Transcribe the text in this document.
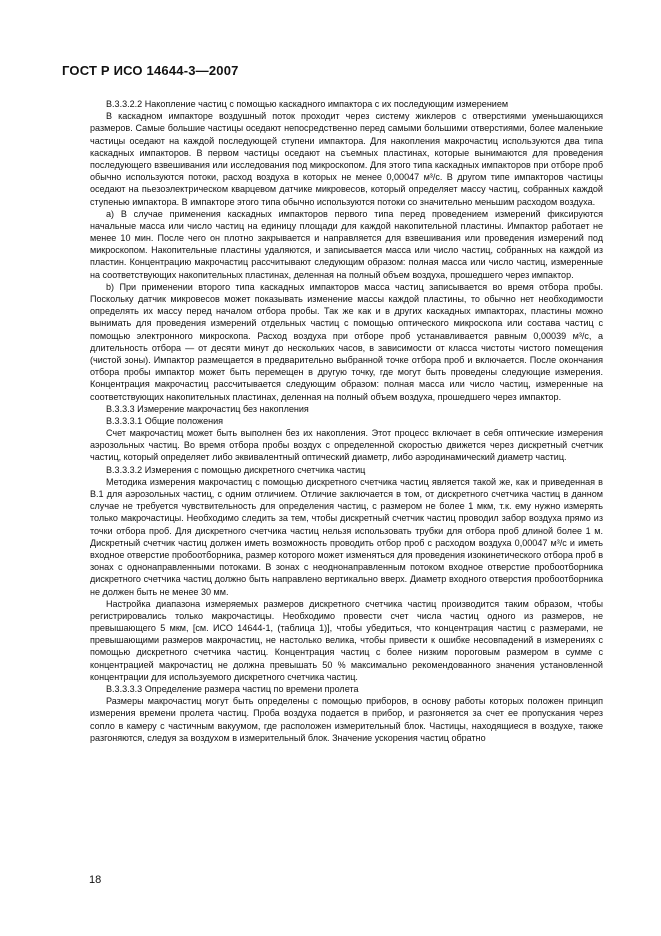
ГОСТ Р ИСО 14644-3—2007

В.3.3.2.2 Накопление частиц с помощью каскадного импактора с их последующим измерением

В каскадном импакторе воздушный поток проходит через систему жиклеров с отверстиями уменьшающихся размеров. Самые большие частицы оседают непосредственно перед самыми большими отверстиями, более маленькие частицы оседают на каждой последующей ступени импактора. Для накопления макрочастиц используются два типа каскадных импакторов. В первом частицы оседают на съемных пластинах, которые вынимаются для проведения последующего взвешивания или исследования под микроскопом. Для этого типа каскадных импакторов при отборе проб обычно используются потоки, расход воздуха в которых не менее 0,00047 м³/с. В другом типе импакторов частицы оседают на пьезоэлектрическом кварцевом датчике микровесов, который определяет массу частиц, собранных каждой ступенью импактора. В импакторе этого типа обычно используются потоки со значительно меньшим расходом воздуха.

а) В случае применения каскадных импакторов первого типа перед проведением измерений фиксируются начальные масса или число частиц на единицу площади для каждой накопительной пластины. Импактор работает не менее 10 мин. После чего он плотно закрывается и направляется для взвешивания или проведения измерений под микроскопом. Накопительные пластины удаляются, и записывается масса или число частиц, собранных на каждой из пластин. Концентрацию макрочастиц рассчитывают следующим образом: полная масса или число частиц, измеренные на соответствующих накопительных пластинах, деленная на полный объем воздуха, прошедшего через импактор.

b) При применении второго типа каскадных импакторов масса частиц записывается во время отбора пробы. Поскольку датчик микровесов может показывать изменение массы каждой пластины, то обычно нет необходимости определять их массу перед началом отбора пробы. Так же как и в других каскадных импакторах, пластины можно вынимать для проведения измерений отдельных частиц с помощью оптического микроскопа или состава частиц с помощью электронного микроскопа. Расход воздуха при отборе проб устанавливается равным 0,00039 м³/с, а длительность отбора — от десяти минут до нескольких часов, в зависимости от класса чистоты чистого помещения (чистой зоны). Импактор размещается в предварительно выбранной точке отбора проб и включается. После окончания отбора пробы импактор может быть перемещен в другую точку, где могут быть проведены следующие измерения. Концентрация макрочастиц рассчитывается следующим образом: полная масса или число частиц, измеренные на соответствующих накопительных пластинах, деленная на полный объем воздуха, прошедшего через импактор.

В.3.3.3 Измерение макрочастиц без накопления

В.3.3.3.1 Общие положения

Счет макрочастиц может быть выполнен без их накопления. Этот процесс включает в себя оптические измерения аэрозольных частиц. Во время отбора пробы воздух с определенной скоростью движется через дискретный счетчик частиц, который определяет либо эквивалентный оптический диаметр, либо аэродинамический диаметр частиц.

В.3.3.3.2 Измерения с помощью дискретного счетчика частиц

Методика измерения макрочастиц с помощью дискретного счетчика частиц является такой же, как и приведенная в В.1 для аэрозольных частиц, с одним отличием. Отличие заключается в том, от дискретного счетчика частиц в данном случае не требуется чувствительность для определения частиц, с размером не более 1 мкм, т.к. ему нужно измерять только макрочастицы. Необходимо следить за тем, чтобы дискретный счетчик частиц проводил забор воздуха прямо из точки отбора проб. Для дискретного счетчика частиц нельзя использовать трубки для отбора проб длиной более 1 м. Дискретный счетчик частиц должен иметь возможность проводить отбор проб с расходом воздуха 0,00047 м³/с и иметь входное отверстие пробоотборника, размер которого может изменяться для проведения изокинетического отбора проб в зонах с однонаправленными потоками. В зонах с неоднонаправленным потоком входное отверстие пробоотборника дискретного счетчика частиц должно быть направлено вертикально вверх. Диаметр входного отверстия пробоотборника не должен быть не менее 30 мм.

Настройка диапазона измеряемых размеров дискретного счетчика частиц производится таким образом, чтобы регистрировались только макрочастицы. Необходимо провести счет числа частиц одного из размеров, не превышающего 5 мкм, [см. ИСО 14644-1, (таблица 1)], чтобы убедиться, что концентрация частиц с размерами, не превышающими размеров макрочастиц, не настолько велика, чтобы привести к ошибке несовпадений в измерениях с помощью дискретного счетчика частиц. Концентрация частиц с более низким пороговым размером в сумме с концентрацией макрочастиц не должна превышать 50 % максимально рекомендованного значения установленной концентрации для используемого дискретного счетчика частиц.

В.3.3.3.3 Определение размера частиц по времени пролета

Размеры макрочастиц могут быть определены с помощью приборов, в основу работы которых положен принцип измерения времени пролета частиц. Проба воздуха подается в прибор, и разгоняется за счет ее пропускания через сопло в камеру с частичным вакуумом, где расположен измерительный блок. Частицы, находящиеся в воздухе, также разгоняются, следуя за воздухом в измерительный блок. Значение ускорения частиц обратно

18
